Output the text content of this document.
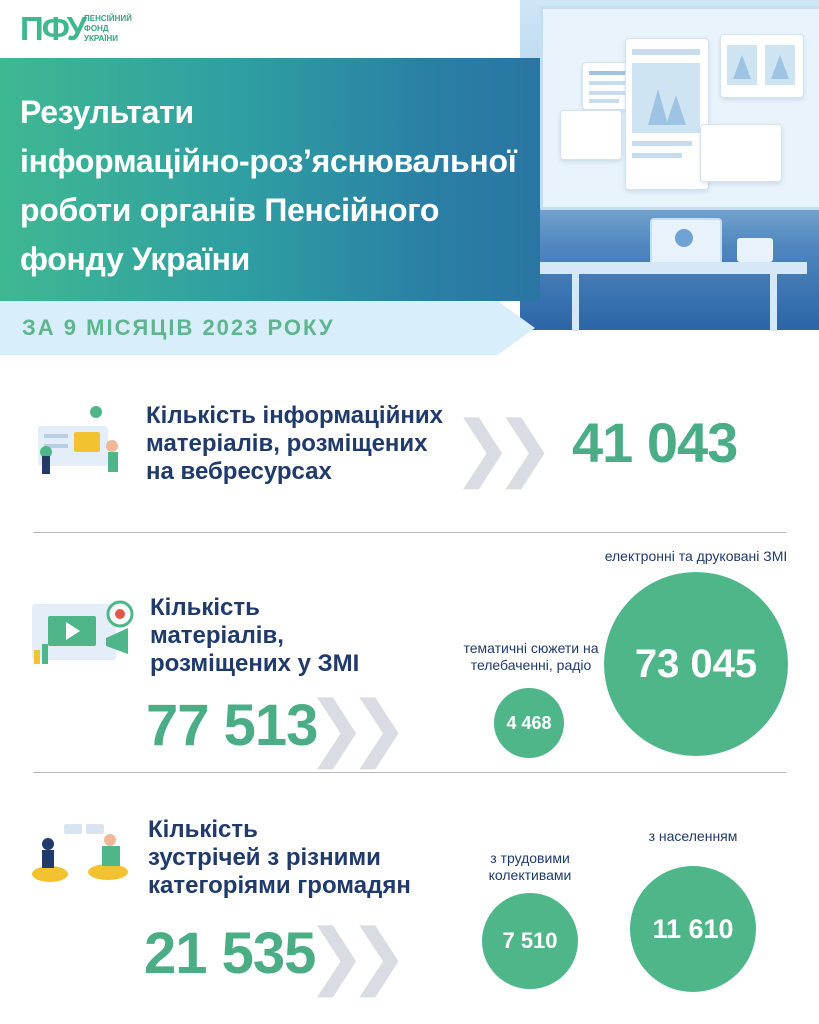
ПФУ
ПЕНСІЙНИЙ
ФОНД
УКРАЇНИ
Результати
інформаційно-роз’яснювальної
роботи органів Пенсійного
фонду України
ЗА 9 МІСЯЦІВ 2023 РОКУ
Кількість інформаційних
матеріалів, розміщених
на вебресурсах	❯❯ 41 043
Кількість
матеріалів,
розміщених у ЗМІ
77 513
❯❯
тематичні сюжети на
телебаченні, радіо
4 468
електронні та друковані ЗМІ
73 045
Кількість
зустрічей з різними
категоріями громадян
21 535
❯❯
з трудовими
колективами
7 510
з населенням
11 610
